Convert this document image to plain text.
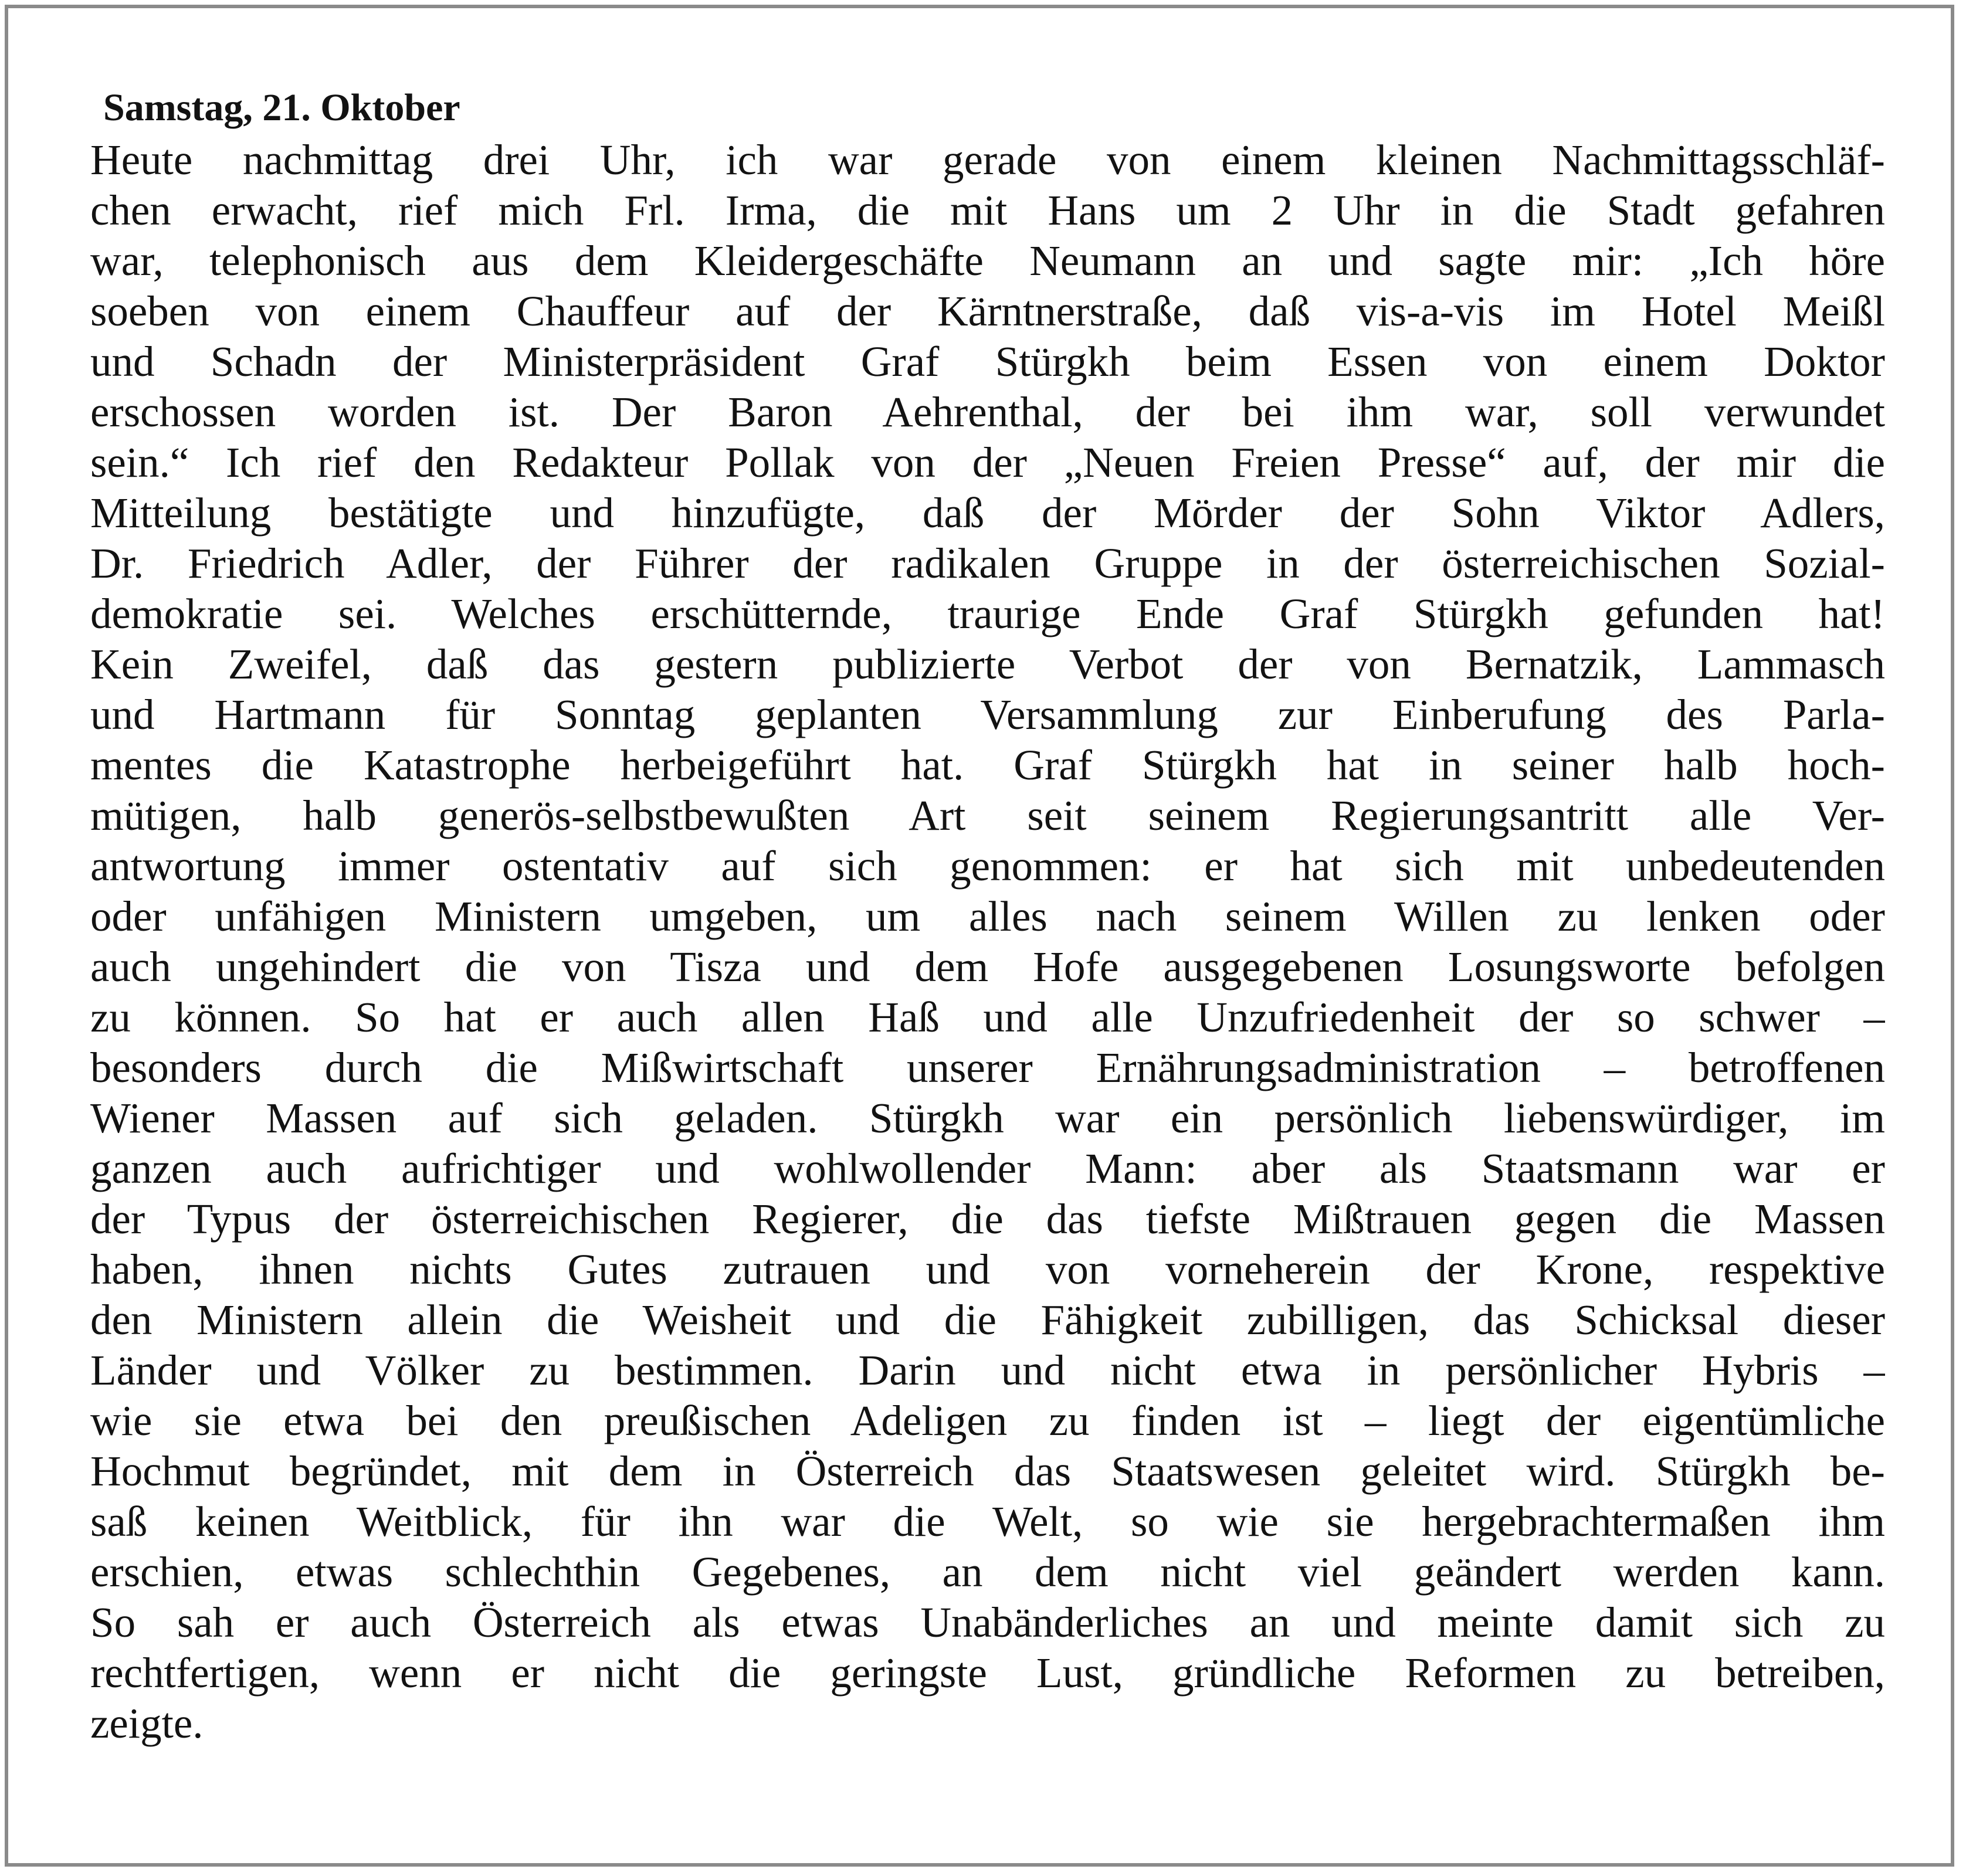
Samstag, 21. Oktober
Heute nachmittag drei Uhr, ich war gerade von einem kleinen Nachmittagsschläf-
chen erwacht, rief mich Frl. Irma, die mit Hans um 2 Uhr in die Stadt gefahren
war, telephonisch aus dem Kleidergeschäfte Neumann an und sagte mir: „Ich höre
soeben von einem Chauffeur auf der Kärntnerstraße, daß vis-a-vis im Hotel Meißl
und Schadn der Ministerpräsident Graf Stürgkh beim Essen von einem Doktor
erschossen worden ist. Der Baron Aehrenthal, der bei ihm war, soll verwundet
sein.“ Ich rief den Redakteur Pollak von der „Neuen Freien Presse“ auf, der mir die
Mitteilung bestätigte und hinzufügte, daß der Mörder der Sohn Viktor Adlers,
Dr. Friedrich Adler, der Führer der radikalen Gruppe in der österreichischen Sozial-
demokratie sei. Welches erschütternde, traurige Ende Graf Stürgkh gefunden hat!
Kein Zweifel, daß das gestern publizierte Verbot der von Bernatzik, Lammasch
und Hartmann für Sonntag geplanten Versammlung zur Einberufung des Parla-
mentes die Katastrophe herbeigeführt hat. Graf Stürgkh hat in seiner halb hoch-
mütigen, halb generös-selbstbewußten Art seit seinem Regierungsantritt alle Ver-
antwortung immer ostentativ auf sich genommen: er hat sich mit unbedeutenden
oder unfähigen Ministern umgeben, um alles nach seinem Willen zu lenken oder
auch ungehindert die von Tisza und dem Hofe ausgegebenen Losungsworte befolgen
zu können. So hat er auch allen Haß und alle Unzufriedenheit der so schwer –
besonders durch die Mißwirtschaft unserer Ernährungsadministration – betroffenen
Wiener Massen auf sich geladen. Stürgkh war ein persönlich liebenswürdiger, im
ganzen auch aufrichtiger und wohlwollender Mann: aber als Staatsmann war er
der Typus der österreichischen Regierer, die das tiefste Mißtrauen gegen die Massen
haben, ihnen nichts Gutes zutrauen und von vorneherein der Krone, respektive
den Ministern allein die Weisheit und die Fähigkeit zubilligen, das Schicksal dieser
Länder und Völker zu bestimmen. Darin und nicht etwa in persönlicher Hybris –
wie sie etwa bei den preußischen Adeligen zu finden ist – liegt der eigentümliche
Hochmut begründet, mit dem in Österreich das Staatswesen geleitet wird. Stürgkh be-
saß keinen Weitblick, für ihn war die Welt, so wie sie hergebrachtermaßen ihm
erschien, etwas schlechthin Gegebenes, an dem nicht viel geändert werden kann.
So sah er auch Österreich als etwas Unabänderliches an und meinte damit sich zu
rechtfertigen, wenn er nicht die geringste Lust, gründliche Reformen zu betreiben,
zeigte.
